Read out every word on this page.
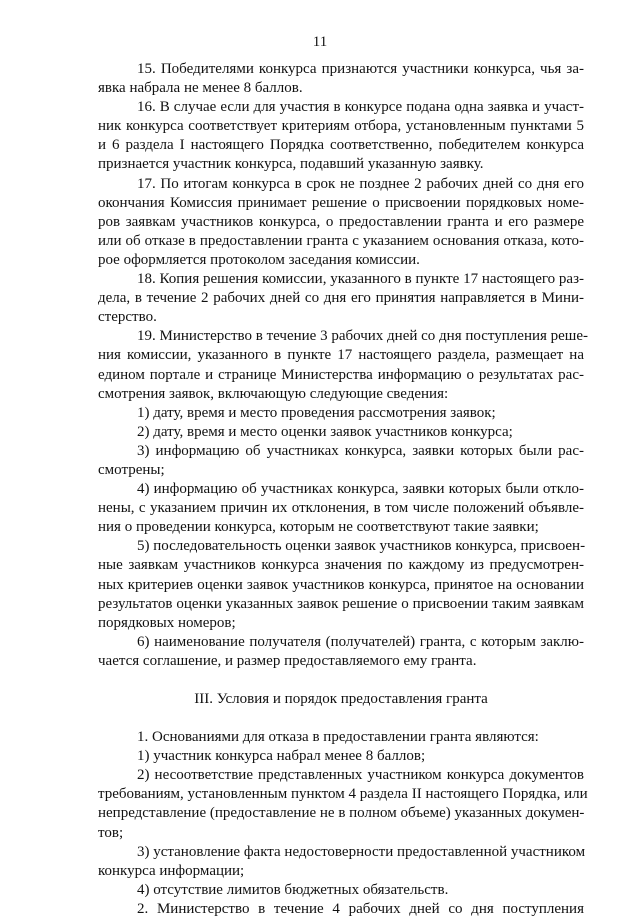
11
15. Победителями конкурса признаются участники конкурса, чья за-
явка набрала не менее 8 баллов.
16. В случае если для участия в конкурсе подана одна заявка и участ-
ник конкурса соответствует критериям отбора, установленным пунктами 5
и 6 раздела I настоящего Порядка соответственно, победителем конкурса
признается участник конкурса, подавший указанную заявку.
17. По итогам конкурса в срок не позднее 2 рабочих дней со дня его
окончания Комиссия принимает решение о присвоении порядковых номе-
ров заявкам участников конкурса, о предоставлении гранта и его размере
или об отказе в предоставлении гранта с указанием основания отказа, кото-
рое оформляется протоколом заседания комиссии.
18. Копия решения комиссии, указанного в пункте 17 настоящего раз-
дела, в течение 2 рабочих дней со дня его принятия направляется в Мини-
стерство.
19. Министерство в течение 3 рабочих дней со дня поступления реше-
ния комиссии, указанного в пункте 17 настоящего раздела, размещает на
едином портале и странице Министерства информацию о результатах рас-
смотрения заявок, включающую следующие сведения:
1) дату, время и место проведения рассмотрения заявок;
2) дату, время и место оценки заявок участников конкурса;
3) информацию об участниках конкурса, заявки которых были рас-
смотрены;
4) информацию об участниках конкурса, заявки которых были откло-
нены, с указанием причин их отклонения, в том числе положений объявле-
ния о проведении конкурса, которым не соответствуют такие заявки;
5) последовательность оценки заявок участников конкурса, присвоен-
ные заявкам участников конкурса значения по каждому из предусмотрен-
ных критериев оценки заявок участников конкурса, принятое на основании
результатов оценки указанных заявок решение о присвоении таким заявкам
порядковых номеров;
6) наименование получателя (получателей) гранта, с которым заклю-
чается соглашение, и размер предоставляемого ему гранта.
III. Условия и порядок предоставления гранта
1. Основаниями для отказа в предоставлении гранта являются:
1) участник конкурса набрал менее 8 баллов;
2) несоответствие представленных участником конкурса документов
требованиям, установленным пунктом 4 раздела II настоящего Порядка, или
непредставление (предоставление не в полном объеме) указанных докумен-
тов;
3) установление факта недостоверности предоставленной участником
конкурса информации;
4) отсутствие лимитов бюджетных обязательств.
2. Министерство в течение 4 рабочих дней со дня поступления
